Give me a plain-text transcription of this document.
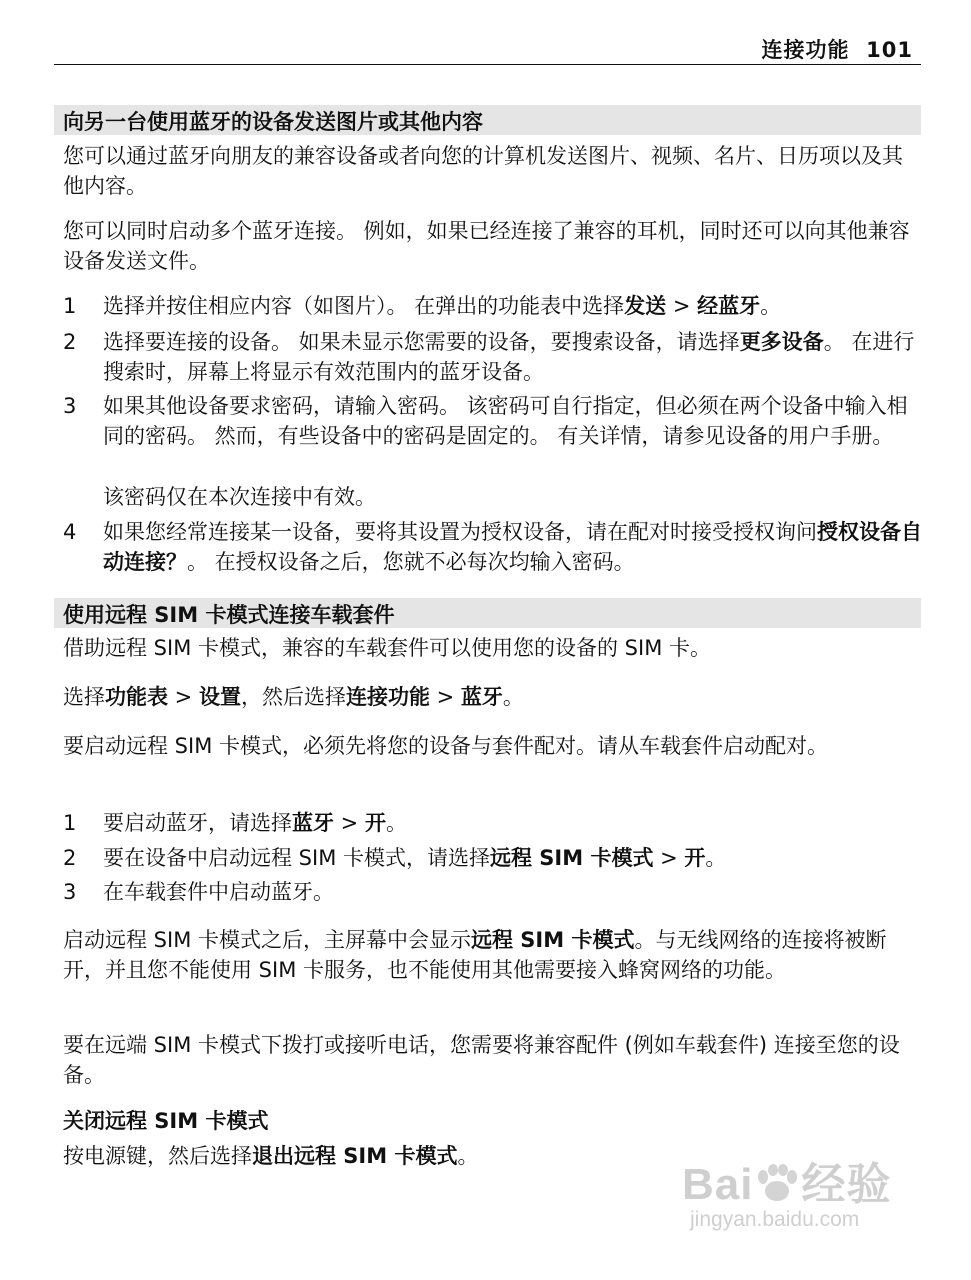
连接功能 101
向另一台使用蓝牙的设备发送图片或其他内容
您可以通过蓝牙向朋友的兼容设备或者向您的计算机发送图片、视频、名片、日历项以及其他内容。
您可以同时启动多个蓝牙连接。 例如，如果已经连接了兼容的耳机，同时还可以向其他兼容设备发送文件。
1 选择并按住相应内容（如图片）。 在弹出的功能表中选择发送 > 经蓝牙。
2 选择要连接的设备。 如果未显示您需要的设备，要搜索设备，请选择更多设备。 在进行搜索时，屏幕上将显示有效范围内的蓝牙设备。
3 如果其他设备要求密码，请输入密码。 该密码可自行指定，但必须在两个设备中输入相同的密码。 然而，有些设备中的密码是固定的。 有关详情，请参见设备的用户手册。
该密码仅在本次连接中有效。
4 如果您经常连接某一设备，要将其设置为授权设备，请在配对时接受授权询问授权设备自动连接？。 在授权设备之后，您就不必每次均输入密码。
使用远程 SIM 卡模式连接车载套件
借助远程 SIM 卡模式，兼容的车载套件可以使用您的设备的 SIM 卡。
选择功能表 > 设置，然后选择连接功能 > 蓝牙。
要启动远程 SIM 卡模式，必须先将您的设备与套件配对。请从车载套件启动配对。
1 要启动蓝牙，请选择蓝牙 > 开。
2 要在设备中启动远程 SIM 卡模式，请选择远程 SIM 卡模式 > 开。
3 在车载套件中启动蓝牙。
启动远程 SIM 卡模式之后，主屏幕中会显示远程 SIM 卡模式。与无线网络的连接将被断开，并且您不能使用 SIM 卡服务，也不能使用其他需要接入蜂窝网络的功能。
要在远端 SIM 卡模式下拨打或接听电话，您需要将兼容配件 (例如车载套件) 连接至您的设备。
关闭远程 SIM 卡模式
按电源键，然后选择退出远程 SIM 卡模式。
Bai 经验
jingyan.baidu.com
